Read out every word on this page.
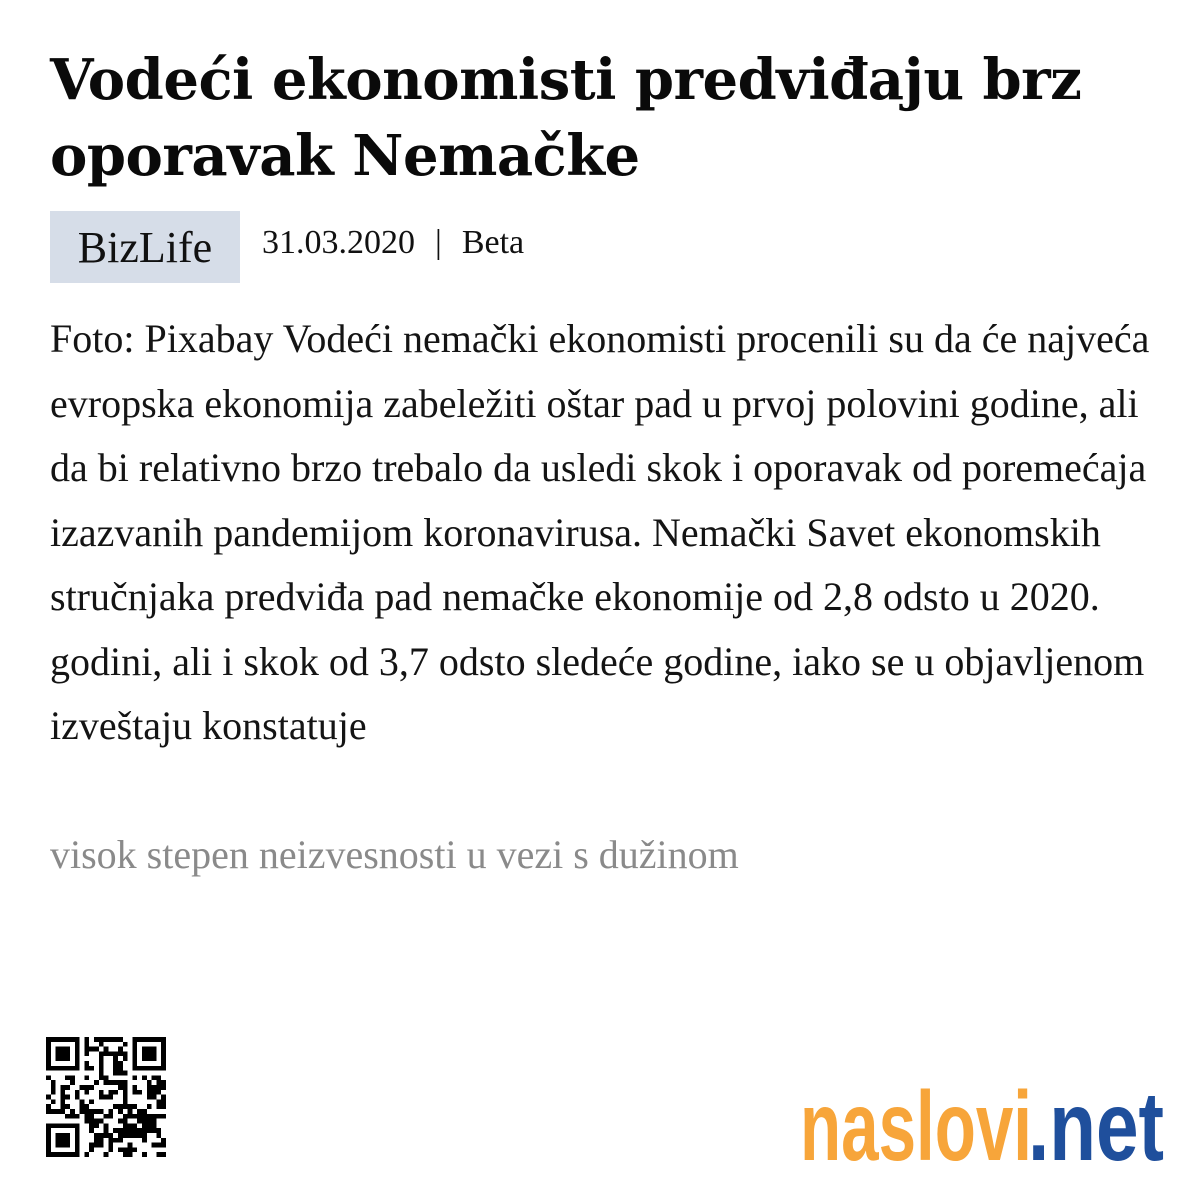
Vodeći ekonomisti predviđaju brz oporavak Nemačke
BizLife	31.03.2020 | Beta

Foto: Pixabay Vodeći nemački ekonomisti procenili su da će najveća evropska ekonomija zabeležiti oštar pad u prvoj polovini godine, ali da bi relativno brzo trebalo da usledi skok i oporavak od poremećaja izazvanih pandemijom koronavirusa. Nemački Savet ekonomskih stručnjaka predviđa pad nemačke ekonomije od 2,8 odsto u 2020. godini, ali i skok od 3,7 odsto sledeće godine, iako se u objavljenom izveštaju konstatuje

visok stepen neizvesnosti u vezi s dužinom

naslovi
.net
